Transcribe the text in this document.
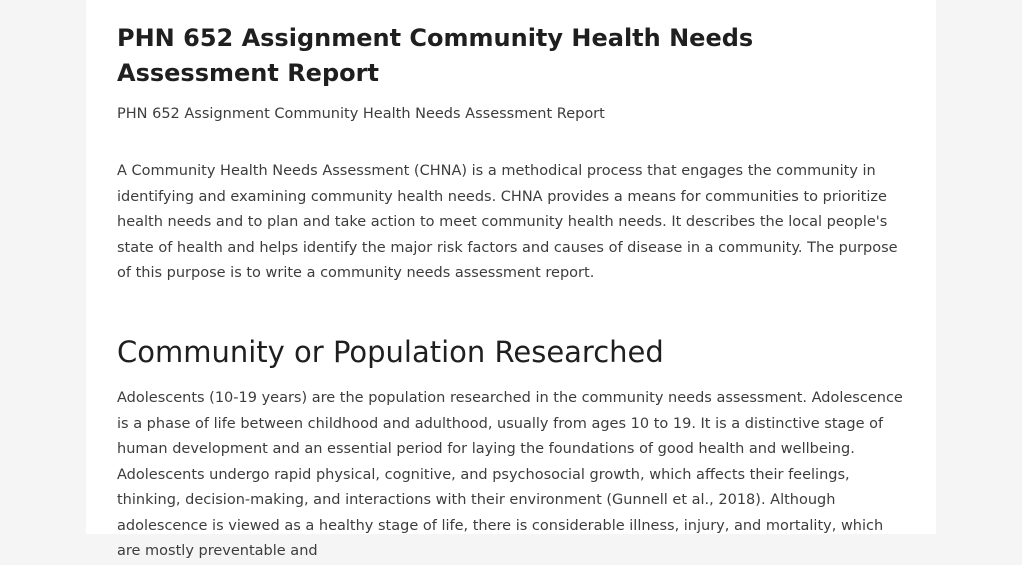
PHN 652 Assignment Community Health Needs Assessment Report

PHN 652 Assignment Community Health Needs Assessment Report

A Community Health Needs Assessment (CHNA) is a methodical process that engages the community in identifying and examining community health needs. CHNA provides a means for communities to prioritize health needs and to plan and take action to meet community health needs. It describes the local people's state of health and helps identify the major risk factors and causes of disease in a community. The purpose of this purpose is to write a community needs assessment report.

Community or Population Researched

Adolescents (10-19 years) are the population researched in the community needs assessment. Adolescence is a phase of life between childhood and adulthood, usually from ages 10 to 19. It is a distinctive stage of human development and an essential period for laying the foundations of good health and wellbeing. Adolescents undergo rapid physical, cognitive, and psychosocial growth, which affects their feelings, thinking, decision-making, and interactions with their environment (Gunnell et al., 2018). Although adolescence is viewed as a healthy stage of life, there is considerable illness, injury, and mortality, which are mostly preventable and
